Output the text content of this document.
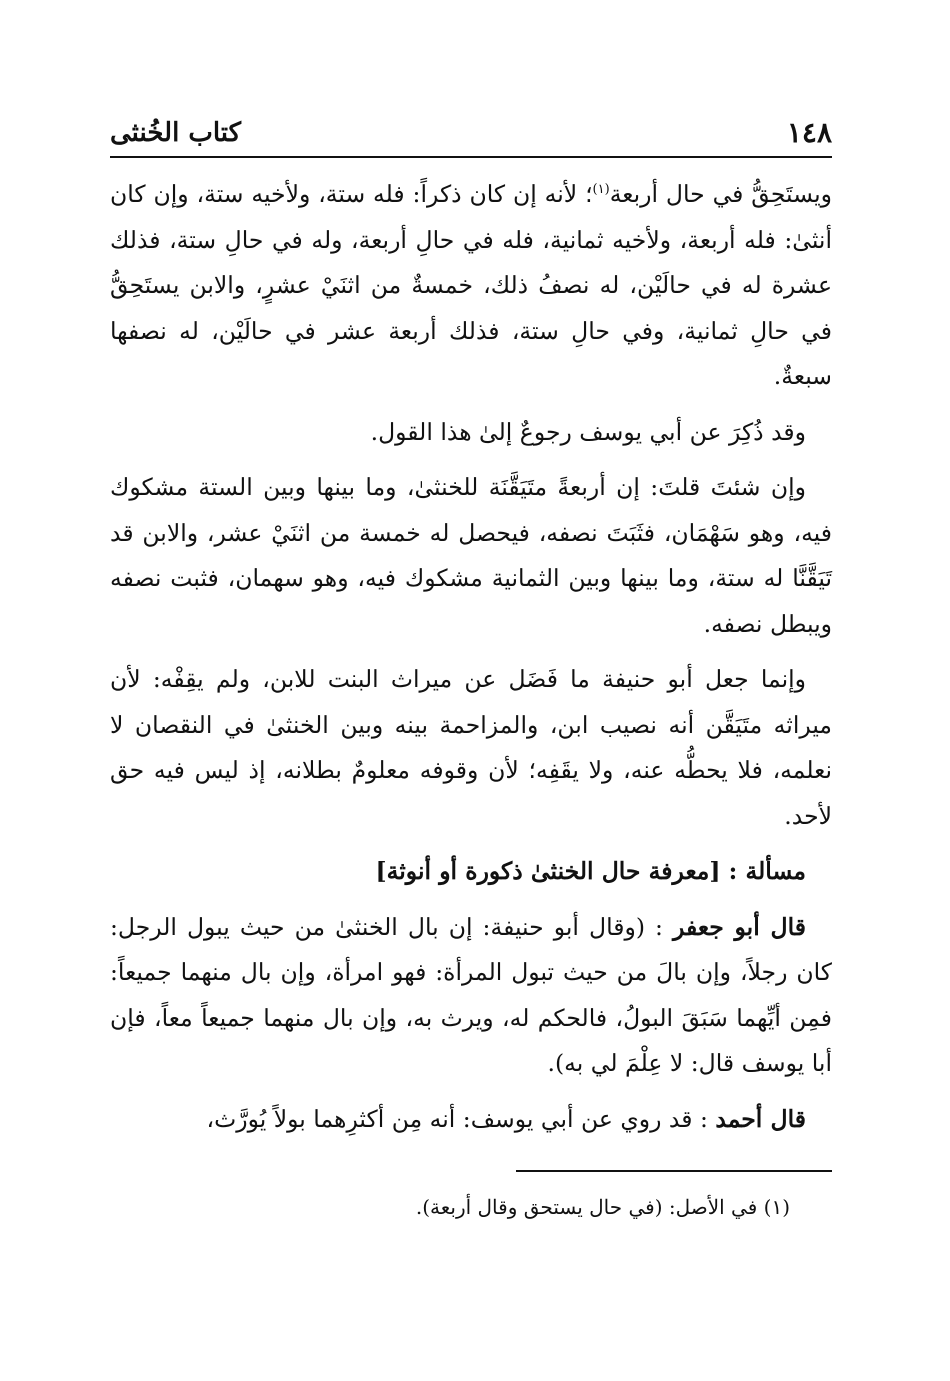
١٤٨
كتاب الخُنثى

ويستَحِقُّ في حال أربعة$^{(١)}$؛ لأنه إن كان ذكراً: فله ستة، ولأخيه ستة، وإن كان أنثىٰ: فله أربعة، ولأخيه ثمانية، فله في حالِ أربعة، وله في حالِ ستة، فذلك عشرة له في حالَيْن، له نصفُ ذلك، خمسةٌ من اثنَيْ عشرٍ، والابن يستَحِقُّ في حالِ ثمانية، وفي حالِ ستة، فذلك أربعة عشر في حالَيْن، له نصفها سبعةٌ.

وقد ذُكِرَ عن أبي يوسف رجوعٌ إلىٰ هذا القول.

وإن شئتَ قلتَ: إن أربعةً متَيَقَّنَة للخنثىٰ، وما بينها وبين الستة مشكوك فيه، وهو سَهْمَان، فثَبَتَ نصفه، فيحصل له خمسة من اثنَيْ عشر، والابن قد تَيَقَّنَّا له ستة، وما بينها وبين الثمانية مشكوك فيه، وهو سهمان، فثبت نصفه ويبطل نصفه.

وإنما جعل أبو حنيفة ما فَضَل عن ميراث البنت للابن، ولم يقِفْه: لأن ميراثه متَيَقَّن أنه نصيب ابن، والمزاحمة بينه وبين الخنثىٰ في النقصان لا نعلمه، فلا يحطُّه عنه، ولا يقَفِه؛ لأن وقوفه معلومٌ بطلانه، إذ ليس فيه حق لأحد.

مسألة : [معرفة حال الخنثىٰ ذكورة أو أنوثة]

قال أبو جعفر : (وقال أبو حنيفة: إن بال الخنثىٰ من حيث يبول الرجل: كان رجلاً، وإن بالَ من حيث تبول المرأة: فهو امرأة، وإن بال منهما جميعاً: فمِن أيِّهما سَبَقَ البولُ، فالحكم له، ويرث به، وإن بال منهما جميعاً معاً، فإن أبا يوسف قال: لا عِلْمَ لي به).

قال أحمد : قد روي عن أبي يوسف: أنه مِن أكثرِهما بولاً يُورَّث،

(١) في الأصل: (في حال يستحق وقال أربعة).
